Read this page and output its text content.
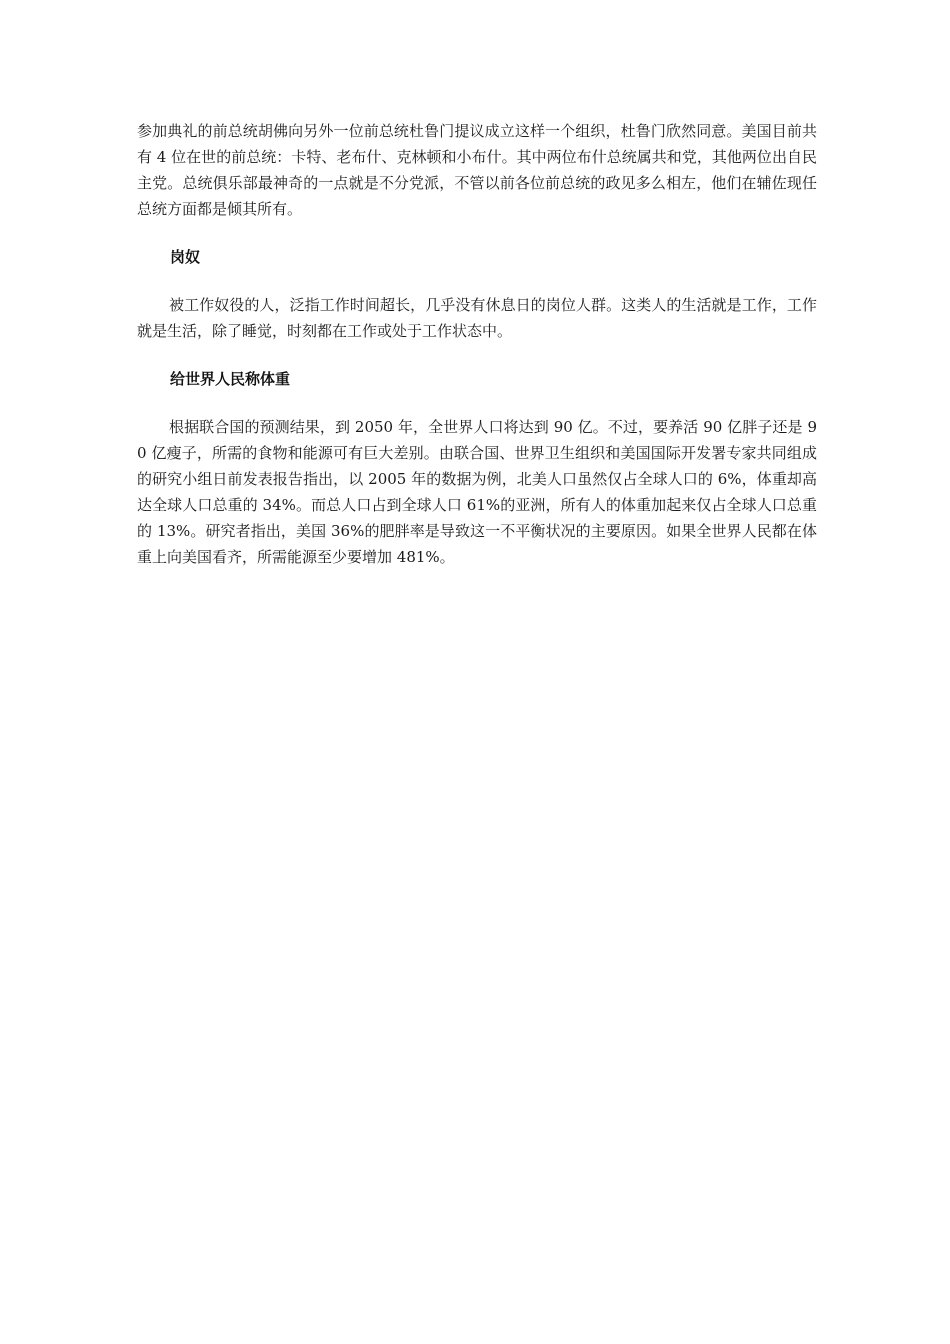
参加典礼的前总统胡佛向另外一位前总统杜鲁门提议成立这样一个组织，杜鲁门欣然同意。美国目前共有 4 位在世的前总统：卡特、老布什、克林顿和小布什。其中两位布什总统属共和党，其他两位出自民主党。总统俱乐部最神奇的一点就是不分党派，不管以前各位前总统的政见多么相左，他们在辅佐现任总统方面都是倾其所有。

岗奴

被工作奴役的人，泛指工作时间超长，几乎没有休息日的岗位人群。这类人的生活就是工作，工作就是生活，除了睡觉，时刻都在工作或处于工作状态中。

给世界人民称体重

根据联合国的预测结果，到 2050 年，全世界人口将达到 90 亿。不过，要养活 90 亿胖子还是 90 亿瘦子，所需的食物和能源可有巨大差别。由联合国、世界卫生组织和美国国际开发署专家共同组成的研究小组日前发表报告指出，以 2005 年的数据为例，北美人口虽然仅占全球人口的 6%，体重却高达全球人口总重的 34%。而总人口占到全球人口 61%的亚洲，所有人的体重加起来仅占全球人口总重的 13%。研究者指出，美国 36%的肥胖率是导致这一不平衡状况的主要原因。如果全世界人民都在体重上向美国看齐，所需能源至少要增加 481%。
